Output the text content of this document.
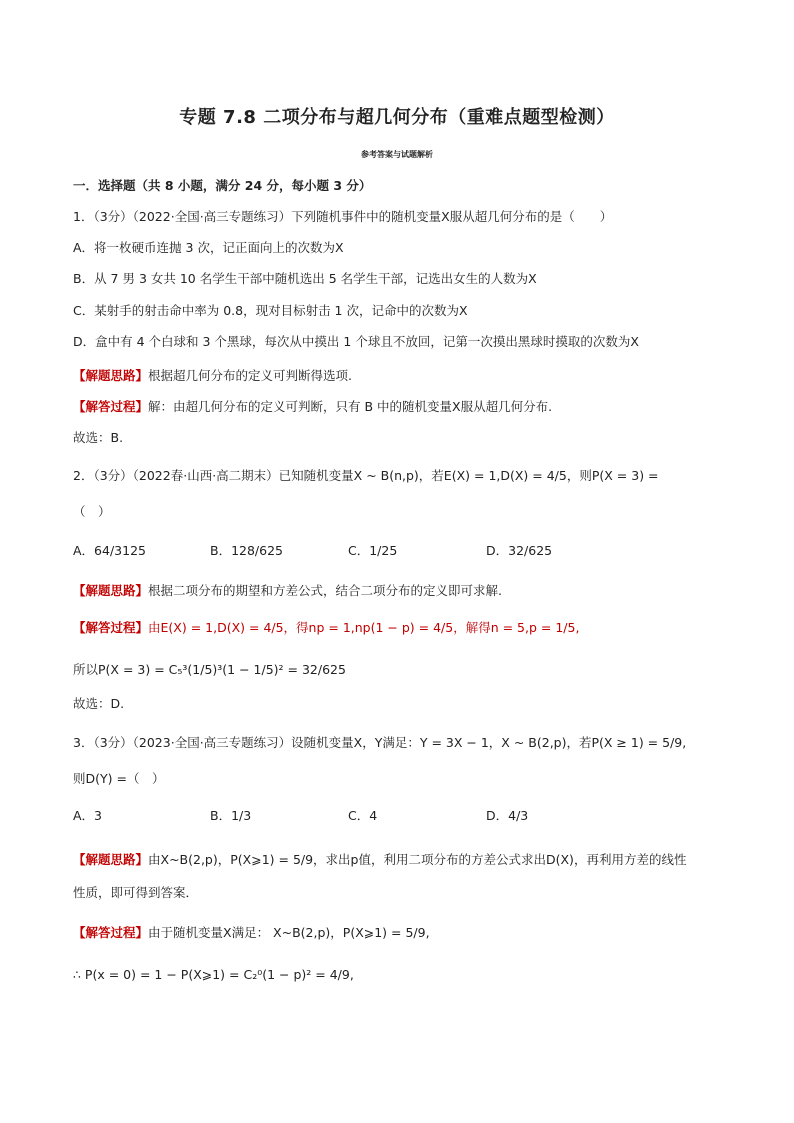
专题 7.8 二项分布与超几何分布（重难点题型检测）
参考答案与试题解析
一．选择题（共 8 小题，满分 24 分，每小题 3 分）
1．（3分）（2022·全国·高三专题练习）下列随机事件中的随机变量X服从超几何分布的是（　　）
A．将一枚硬币连抛 3 次，记正面向上的次数为X
B．从 7 男 3 女共 10 名学生干部中随机选出 5 名学生干部，记选出女生的人数为X
C．某射手的射击命中率为 0.8，现对目标射击 1 次，记命中的次数为X
D．盒中有 4 个白球和 3 个黑球，每次从中摸出 1 个球且不放回，记第一次摸出黑球时摸取的次数为X
【解题思路】根据超几何分布的定义可判断得选项.
【解答过程】解：由超几何分布的定义可判断，只有 B 中的随机变量X服从超几何分布.
故选：B.
2．（3分）（2022春·山西·高二期末）已知随机变量X ~ B(n,p)，若E(X) = 1,D(X) = 4/5，则P(X = 3) =
（　）
A．64/3125	B．128/625	C．1/25	D．32/625
【解题思路】根据二项分布的期望和方差公式，结合二项分布的定义即可求解.
【解答过程】由E(X) = 1,D(X) = 4/5，得np = 1,np(1 − p) = 4/5，解得n = 5,p = 1/5,
所以P(X = 3) = C₅³(1/5)³(1 − 1/5)² = 32/625
故选：D.
3．（3分）（2023·全国·高三专题练习）设随机变量X，Y满足：Y = 3X − 1，X ~ B(2,p)，若P(X ≥ 1) = 5/9,
则D(Y) =（　）
A．3	B．1/3	C．4	D．4/3
【解题思路】由X~B(2,p)，P(X⩾1) = 5/9，求出p值，利用二项分布的方差公式求出D(X)，再利用方差的线性
性质，即可得到答案．
【解答过程】由于随机变量X满足： X~B(2,p)，P(X⩾1) = 5/9,
∴ P(x = 0) = 1 − P(X⩾1) = C₂⁰(1 − p)² = 4/9,
